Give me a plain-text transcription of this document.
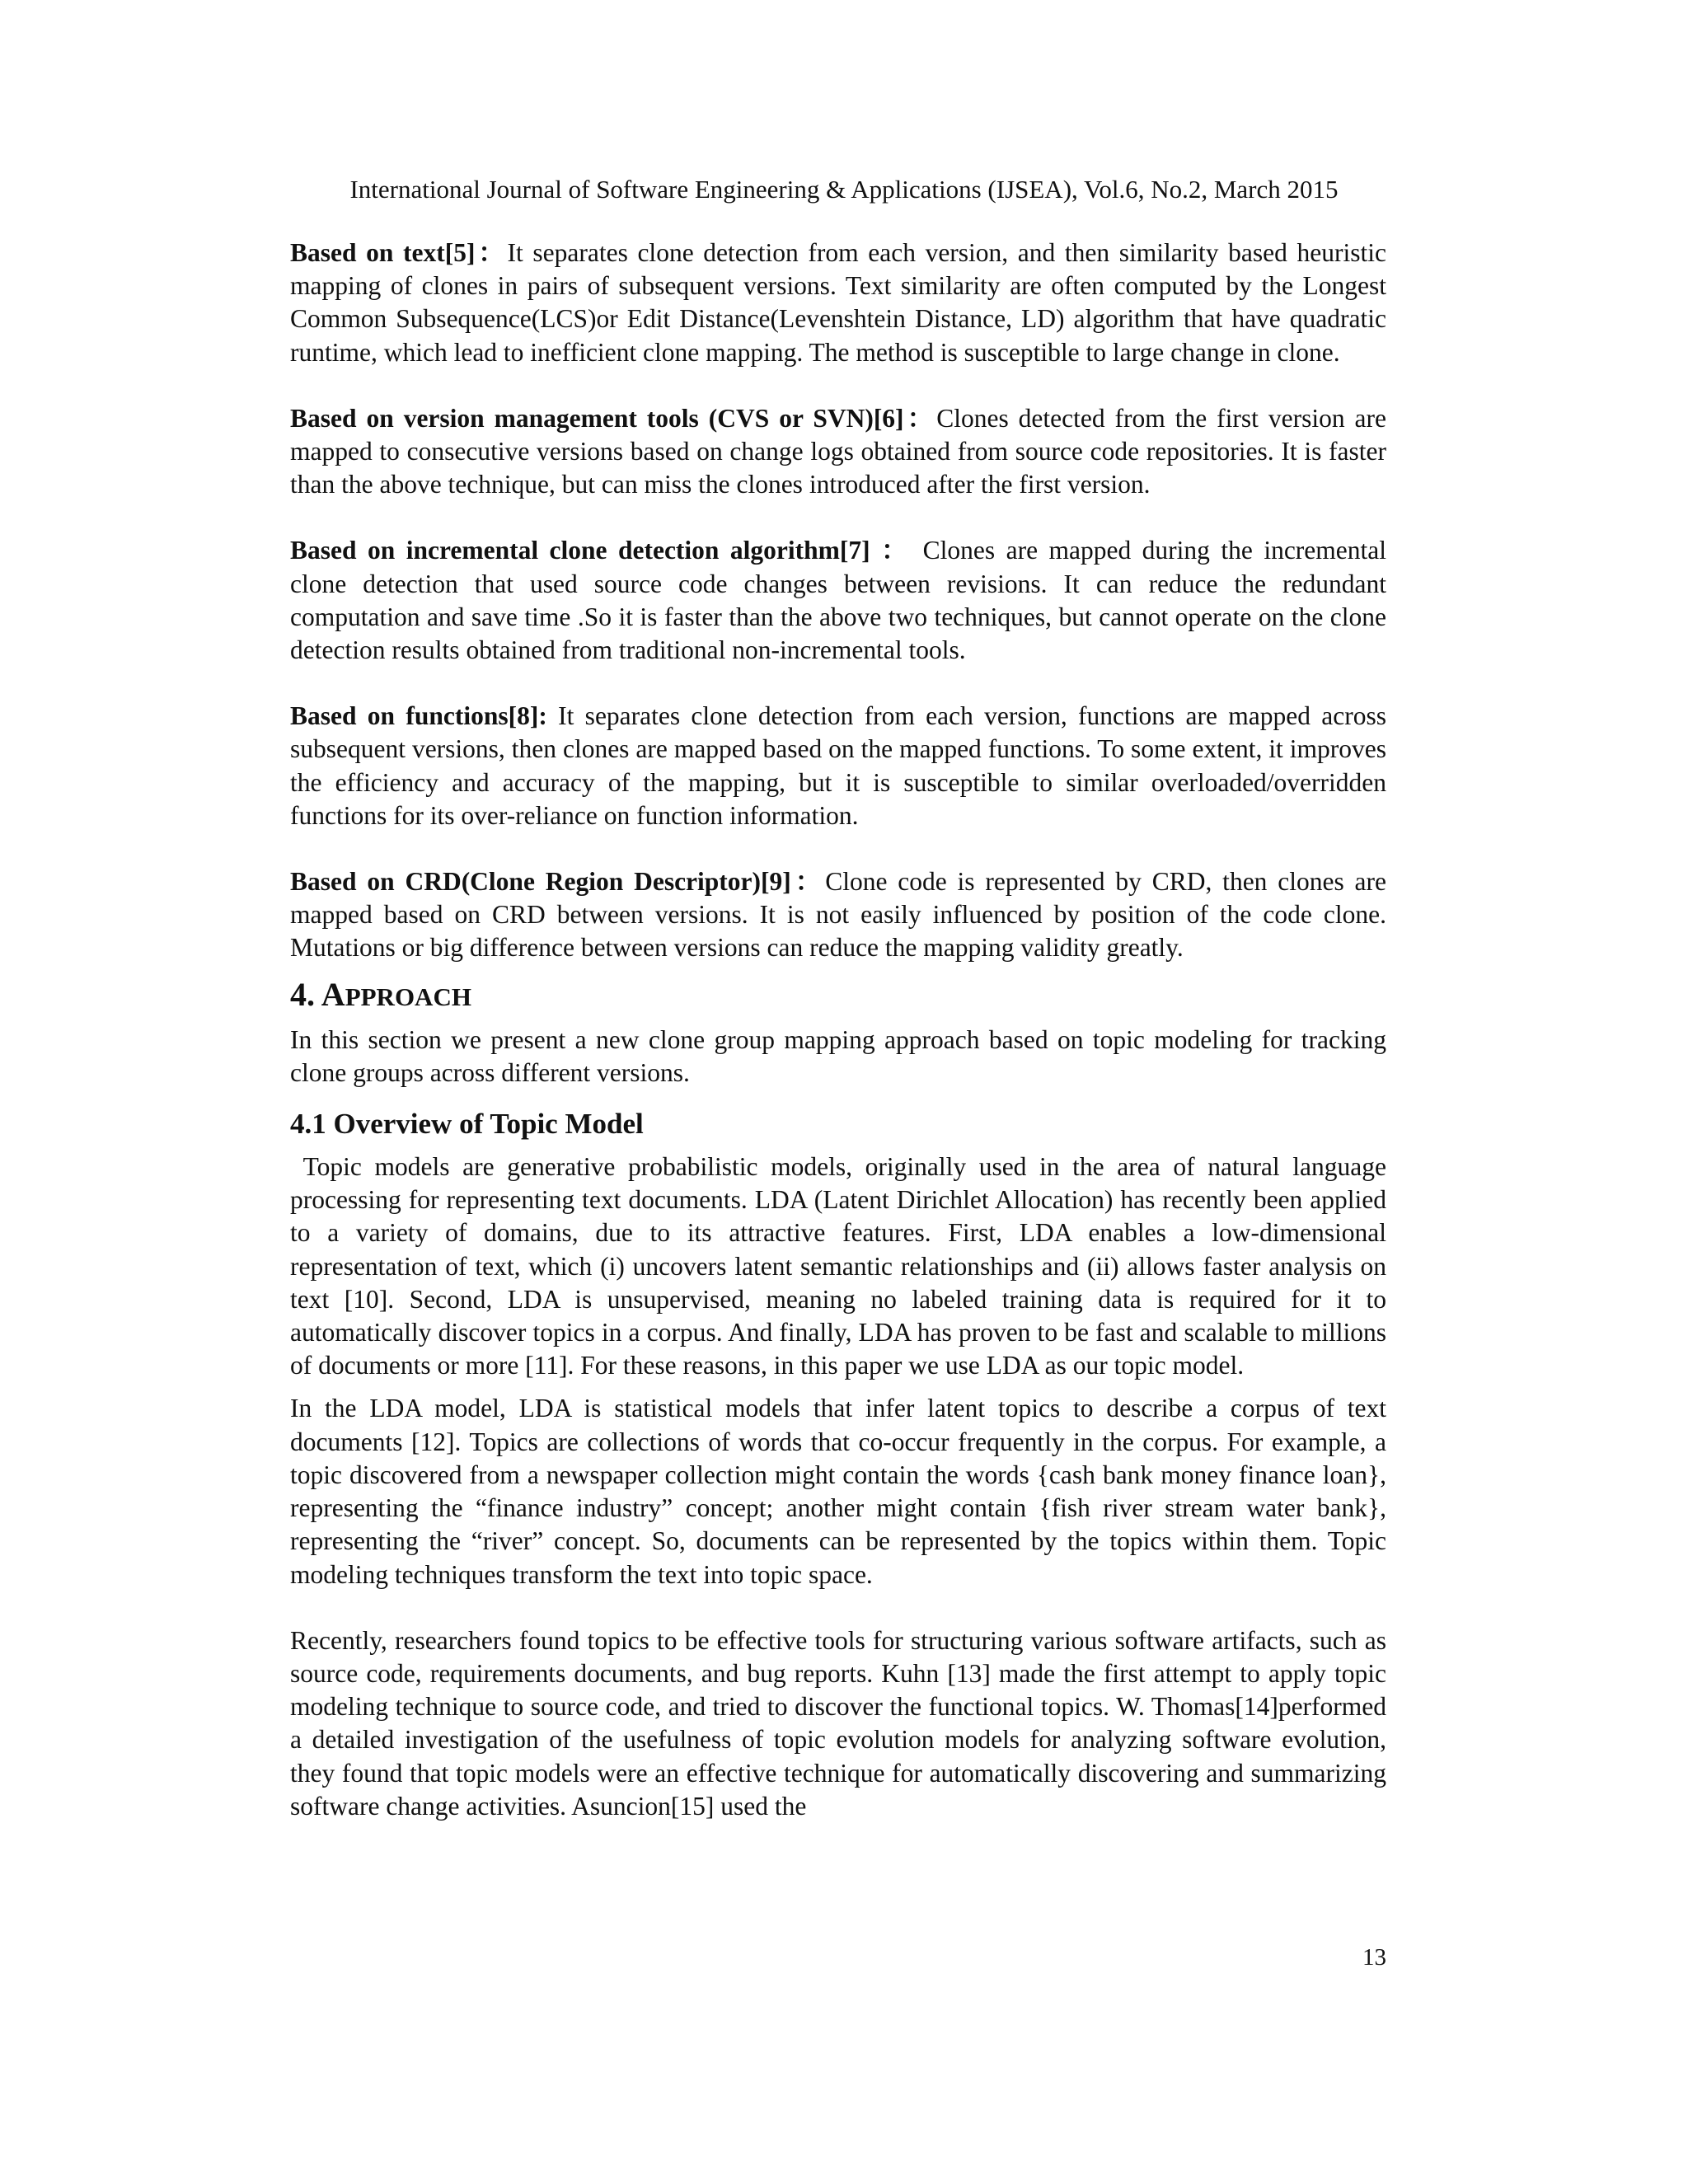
International Journal of Software Engineering & Applications (IJSEA), Vol.6, No.2, March 2015

Based on text[5]：It separates clone detection from each version, and then similarity based heuristic mapping of clones in pairs of subsequent versions. Text similarity are often computed by the Longest Common Subsequence(LCS)or Edit Distance(Levenshtein Distance, LD) algorithm that have quadratic runtime, which lead to inefficient clone mapping. The method is susceptible to large change in clone.

Based on version management tools (CVS or SVN)[6]：Clones detected from the first version are mapped to consecutive versions based on change logs obtained from source code repositories. It is faster than the above technique, but can miss the clones introduced after the first version.

Based on incremental clone detection algorithm[7] ： Clones are mapped during the incremental clone detection that used source code changes between revisions. It can reduce the redundant computation and save time .So it is faster than the above two techniques, but cannot operate on the clone detection results obtained from traditional non-incremental tools.

Based on functions[8]: It separates clone detection from each version, functions are mapped across subsequent versions, then clones are mapped based on the mapped functions. To some extent, it improves the efficiency and accuracy of the mapping, but it is susceptible to similar overloaded/overridden functions for its over-reliance on function information.

Based on CRD(Clone Region Descriptor)[9]：Clone code is represented by CRD, then clones are mapped based on CRD between versions. It is not easily influenced by position of the code clone. Mutations or big difference between versions can reduce the mapping validity greatly.

4. APPROACH

In this section we present a new clone group mapping approach based on topic modeling for tracking clone groups across different versions.

4.1 Overview of Topic Model

Topic models are generative probabilistic models, originally used in the area of natural language processing for representing text documents. LDA (Latent Dirichlet Allocation) has recently been applied to a variety of domains, due to its attractive features. First, LDA enables a low-dimensional representation of text, which (i) uncovers latent semantic relationships and (ii) allows faster analysis on text [10]. Second, LDA is unsupervised, meaning no labeled training data is required for it to automatically discover topics in a corpus. And finally, LDA has proven to be fast and scalable to millions of documents or more [11]. For these reasons, in this paper we use LDA as our topic model.

In the LDA model, LDA is statistical models that infer latent topics to describe a corpus of text documents [12]. Topics are collections of words that co-occur frequently in the corpus. For example, a topic discovered from a newspaper collection might contain the words {cash bank money finance loan}, representing the “finance industry” concept; another might contain {fish river stream water bank}, representing the “river” concept. So, documents can be represented by the topics within them. Topic modeling techniques transform the text into topic space.

Recently, researchers found topics to be effective tools for structuring various software artifacts, such as source code, requirements documents, and bug reports. Kuhn [13] made the first attempt to apply topic modeling technique to source code, and tried to discover the functional topics. W. Thomas[14]performed a detailed investigation of the usefulness of topic evolution models for analyzing software evolution, they found that topic models were an effective technique for automatically discovering and summarizing software change activities. Asuncion[15] used the

13
